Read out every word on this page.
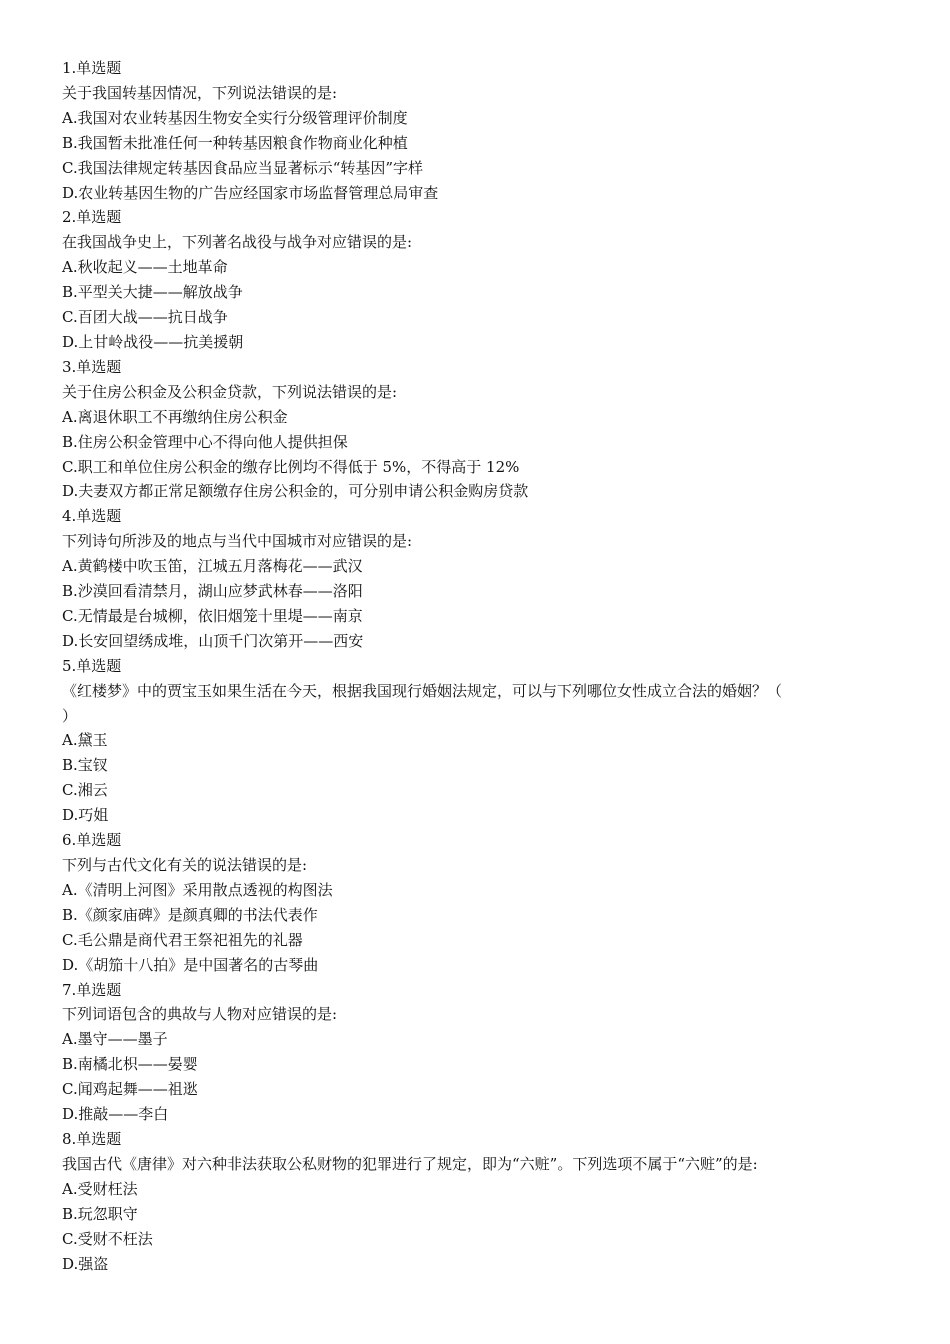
1.单选题
关于我国转基因情况，下列说法错误的是:
A.我国对农业转基因生物安全实行分级管理评价制度
B.我国暂未批准任何一种转基因粮食作物商业化种植
C.我国法律规定转基因食品应当显著标示“转基因”字样
D.农业转基因生物的广告应经国家市场监督管理总局审查
2.单选题
在我国战争史上，下列著名战役与战争对应错误的是:
A.秋收起义——土地革命
B.平型关大捷——解放战争
C.百团大战——抗日战争
D.上甘岭战役——抗美援朝
3.单选题
关于住房公积金及公积金贷款，下列说法错误的是:
A.离退休职工不再缴纳住房公积金
B.住房公积金管理中心不得向他人提供担保
C.职工和单位住房公积金的缴存比例均不得低于 5%，不得高于 12%
D.夫妻双方都正常足额缴存住房公积金的，可分别申请公积金购房贷款
4.单选题
下列诗句所涉及的地点与当代中国城市对应错误的是:
A.黄鹤楼中吹玉笛，江城五月落梅花——武汉
B.沙漠回看清禁月，湖山应梦武林春——洛阳
C.无情最是台城柳，依旧烟笼十里堤——南京
D.长安回望绣成堆，山顶千门次第开——西安
5.单选题
《红楼梦》中的贾宝玉如果生活在今天，根据我国现行婚姻法规定，可以与下列哪位女性成立合法的婚姻？（
）
A.黛玉
B.宝钗
C.湘云
D.巧姐
6.单选题
下列与古代文化有关的说法错误的是:
A.《清明上河图》采用散点透视的构图法
B.《颜家庙碑》是颜真卿的书法代表作
C.毛公鼎是商代君王祭祀祖先的礼器
D.《胡笳十八拍》是中国著名的古琴曲
7.单选题
下列词语包含的典故与人物对应错误的是:
A.墨守——墨子
B.南橘北枳——晏婴
C.闻鸡起舞——祖逖
D.推敲——李白
8.单选题
我国古代《唐律》对六种非法获取公私财物的犯罪进行了规定，即为“六赃”。下列选项不属于“六赃”的是:
A.受财枉法
B.玩忽职守
C.受财不枉法
D.强盗
